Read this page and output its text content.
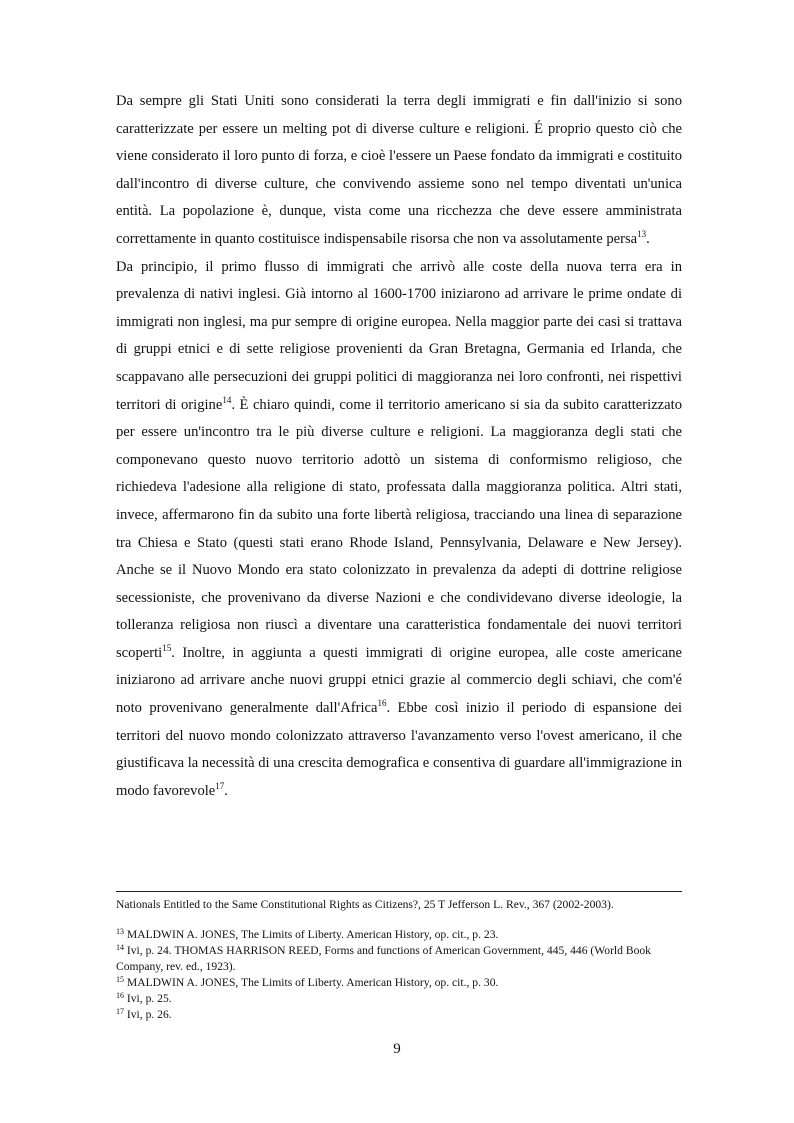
Da sempre gli Stati Uniti sono considerati la terra degli immigrati e fin dall'inizio si sono caratterizzate per essere un melting pot di diverse culture e religioni. É proprio questo ciò che viene considerato il loro punto di forza, e cioè l'essere un Paese fondato da immigrati e costituito dall'incontro di diverse culture, che convivendo assieme sono nel tempo diventati un'unica entità. La popolazione è, dunque, vista come una ricchezza che deve essere amministrata correttamente in quanto costituisce indispensabile risorsa che non va assolutamente persa$^{13}$.

Da principio, il primo flusso di immigrati che arrivò alle coste della nuova terra era in prevalenza di nativi inglesi. Già intorno al 1600-1700 iniziarono ad arrivare le prime ondate di immigrati non inglesi, ma pur sempre di origine europea. Nella maggior parte dei casi si trattava di gruppi etnici e di sette religiose provenienti da Gran Bretagna, Germania ed Irlanda, che scappavano alle persecuzioni dei gruppi politici di maggioranza nei loro confronti, nei rispettivi territori di origine$^{14}$. È chiaro quindi, come il territorio americano si sia da subito caratterizzato per essere un'incontro tra le più diverse culture e religioni. La maggioranza degli stati che componevano questo nuovo territorio adottò un sistema di conformismo religioso, che richiedeva l'adesione alla religione di stato, professata dalla maggioranza politica. Altri stati, invece, affermarono fin da subito una forte libertà religiosa, tracciando una linea di separazione tra Chiesa e Stato (questi stati erano Rhode Island, Pennsylvania, Delaware e New Jersey). Anche se il Nuovo Mondo era stato colonizzato in prevalenza da adepti di dottrine religiose secessioniste, che provenivano da diverse Nazioni e che condividevano diverse ideologie, la tolleranza religiosa non riuscì a diventare una caratteristica fondamentale dei nuovi territori scoperti$^{15}$. Inoltre, in aggiunta a questi immigrati di origine europea, alle coste americane iniziarono ad arrivare anche nuovi gruppi etnici grazie al commercio degli schiavi, che com'é noto provenivano generalmente dall'Africa$^{16}$. Ebbe così inizio il periodo di espansione dei territori del nuovo mondo colonizzato attraverso l'avanzamento verso l'ovest americano, il che giustificava la necessità di una crescita demografica e consentiva di guardare all'immigrazione in modo favorevole$^{17}$.

Nationals Entitled to the Same Constitutional Rights as Citizens?, 25 T Jefferson L. Rev., 367 (2002-2003).

$^{13}$ MALDWIN A. JONES, The Limits of Liberty. American History, op. cit., p. 23.

$^{14}$ Ivi, p. 24. THOMAS HARRISON REED, Forms and functions of American Government, 445, 446 (World Book Company, rev. ed., 1923).

$^{15}$ MALDWIN A. JONES, The Limits of Liberty. American History, op. cit., p. 30.

$^{16}$ Ivi, p. 25.

$^{17}$ Ivi, p. 26.

9
